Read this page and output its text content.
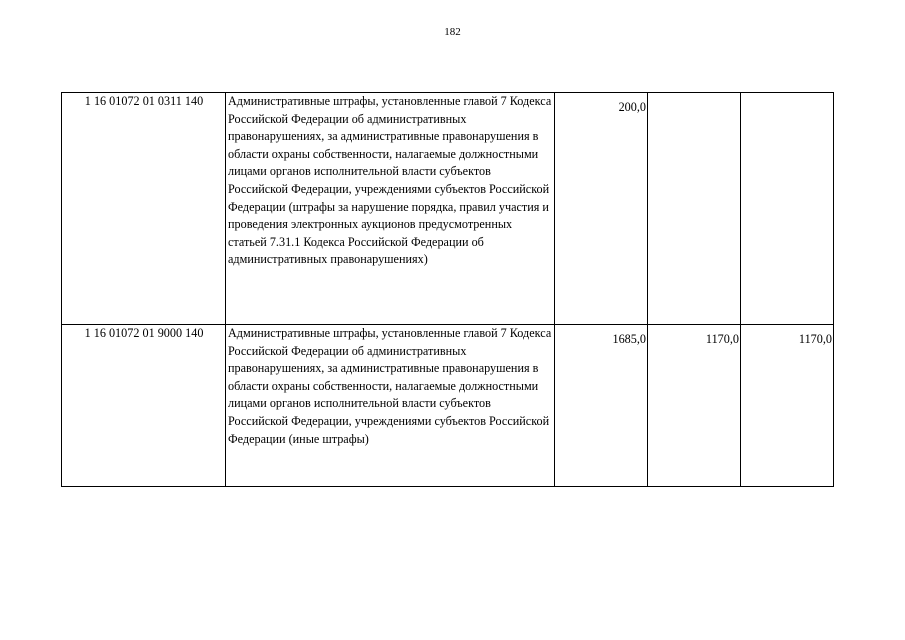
182
1 16 01072 01 0311 140	Административные штрафы, установленные главой 7 Кодекса Российской Федерации об административных правонарушениях, за административные правонарушения в области охраны собственности, налагаемые должностными лицами органов исполнительной власти субъектов Российской Федерации, учреждениями субъектов Российской Федерации (штрафы за нарушение порядка, правил участия и проведения электронных аукционов предусмотренных статьей 7.31.1 Кодекса Российской Федерации об административных правонарушениях)	200,0		
1 16 01072 01 9000 140	Административные штрафы, установленные главой 7 Кодекса Российской Федерации об административных правонарушениях, за административные правонарушения в области охраны собственности, налагаемые должностными лицами органов исполнительной власти субъектов Российской Федерации, учреждениями субъектов Российской Федерации (иные штрафы)	1685,0	1170,0	1170,0
